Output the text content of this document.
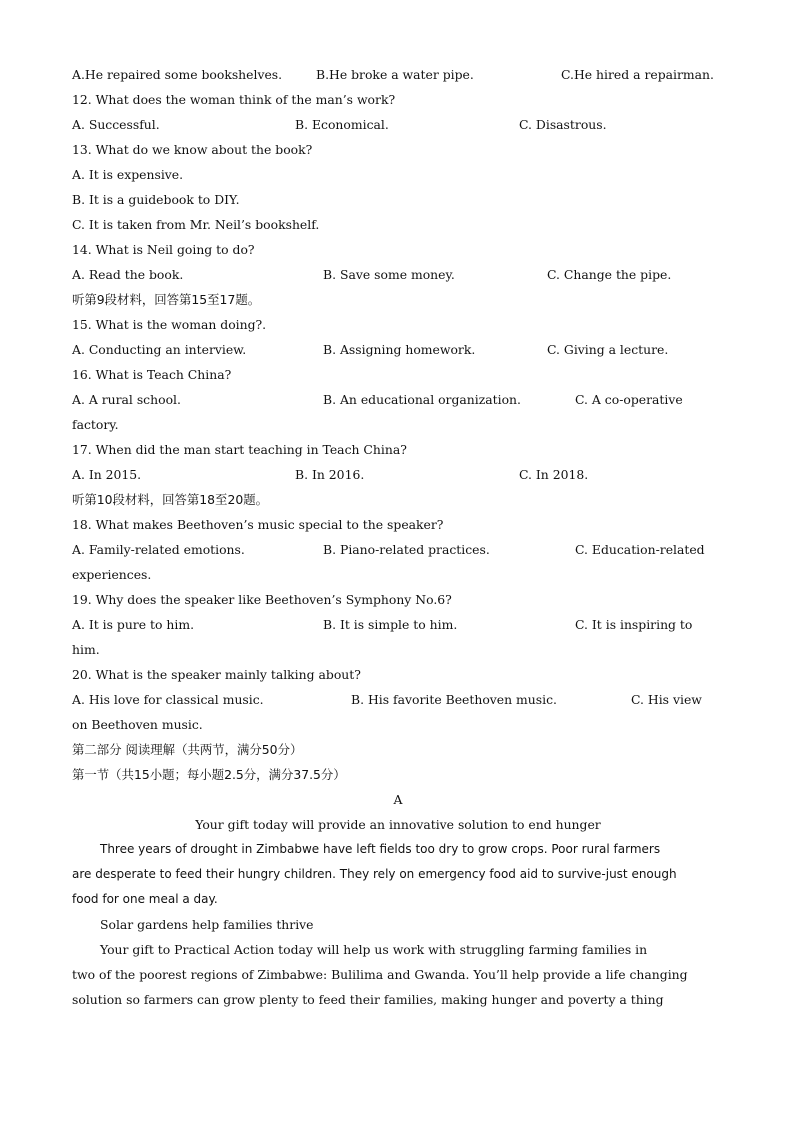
A.He repaired some bookshelves.	B.He broke a water pipe.	C.He hired a repairman.
12. What does the woman think of the man’s work?
A. Successful.	B. Economical.	C. Disastrous.
13. What do we know about the book?
A. It is expensive.
B. It is a guidebook to DIY.
C. It is taken from Mr. Neil’s bookshelf.
14. What is Neil going to do?
A. Read the book.	B. Save some money.	C. Change the pipe.
听第9段材料，回答第15至17题。
15. What is the woman doing?.
A. Conducting an interview.	B. Assigning homework.	C. Giving a lecture.
16. What is Teach China?
A. A rural school.	B. An educational organization.	C. A co-operative
factory.
17. When did the man start teaching in Teach China?
A. In 2015.	B. In 2016.	C. In 2018.
听第10段材料，回答第18至20题。
18. What makes Beethoven’s music special to the speaker?
A. Family-related emotions.	B. Piano-related practices.	C. Education-related
experiences.
19. Why does the speaker like Beethoven’s Symphony No.6?
A. It is pure to him.	B. It is simple to him.	C. It is inspiring to
him.
20. What is the speaker mainly talking about?
A. His love for classical music.	B. His favorite Beethoven music.	C. His view
on Beethoven music.
第二部分 阅读理解（共两节，满分50分）
第一节（共15小题；每小题2.5分，满分37.5分）
A
Your gift today will provide an innovative solution to end hunger
Three years of drought in Zimbabwe have left fields too dry to grow crops. Poor rural farmers
are desperate to feed their hungry children. They rely on emergency food aid to survive-just enough
food for one meal a day.
Solar gardens help families thrive
Your gift to Practical Action today will help us work with struggling farming families in
two of the poorest regions of Zimbabwe: Bulilima and Gwanda. You’ll help provide a life changing
solution so farmers can grow plenty to feed their families, making hunger and poverty a thing
